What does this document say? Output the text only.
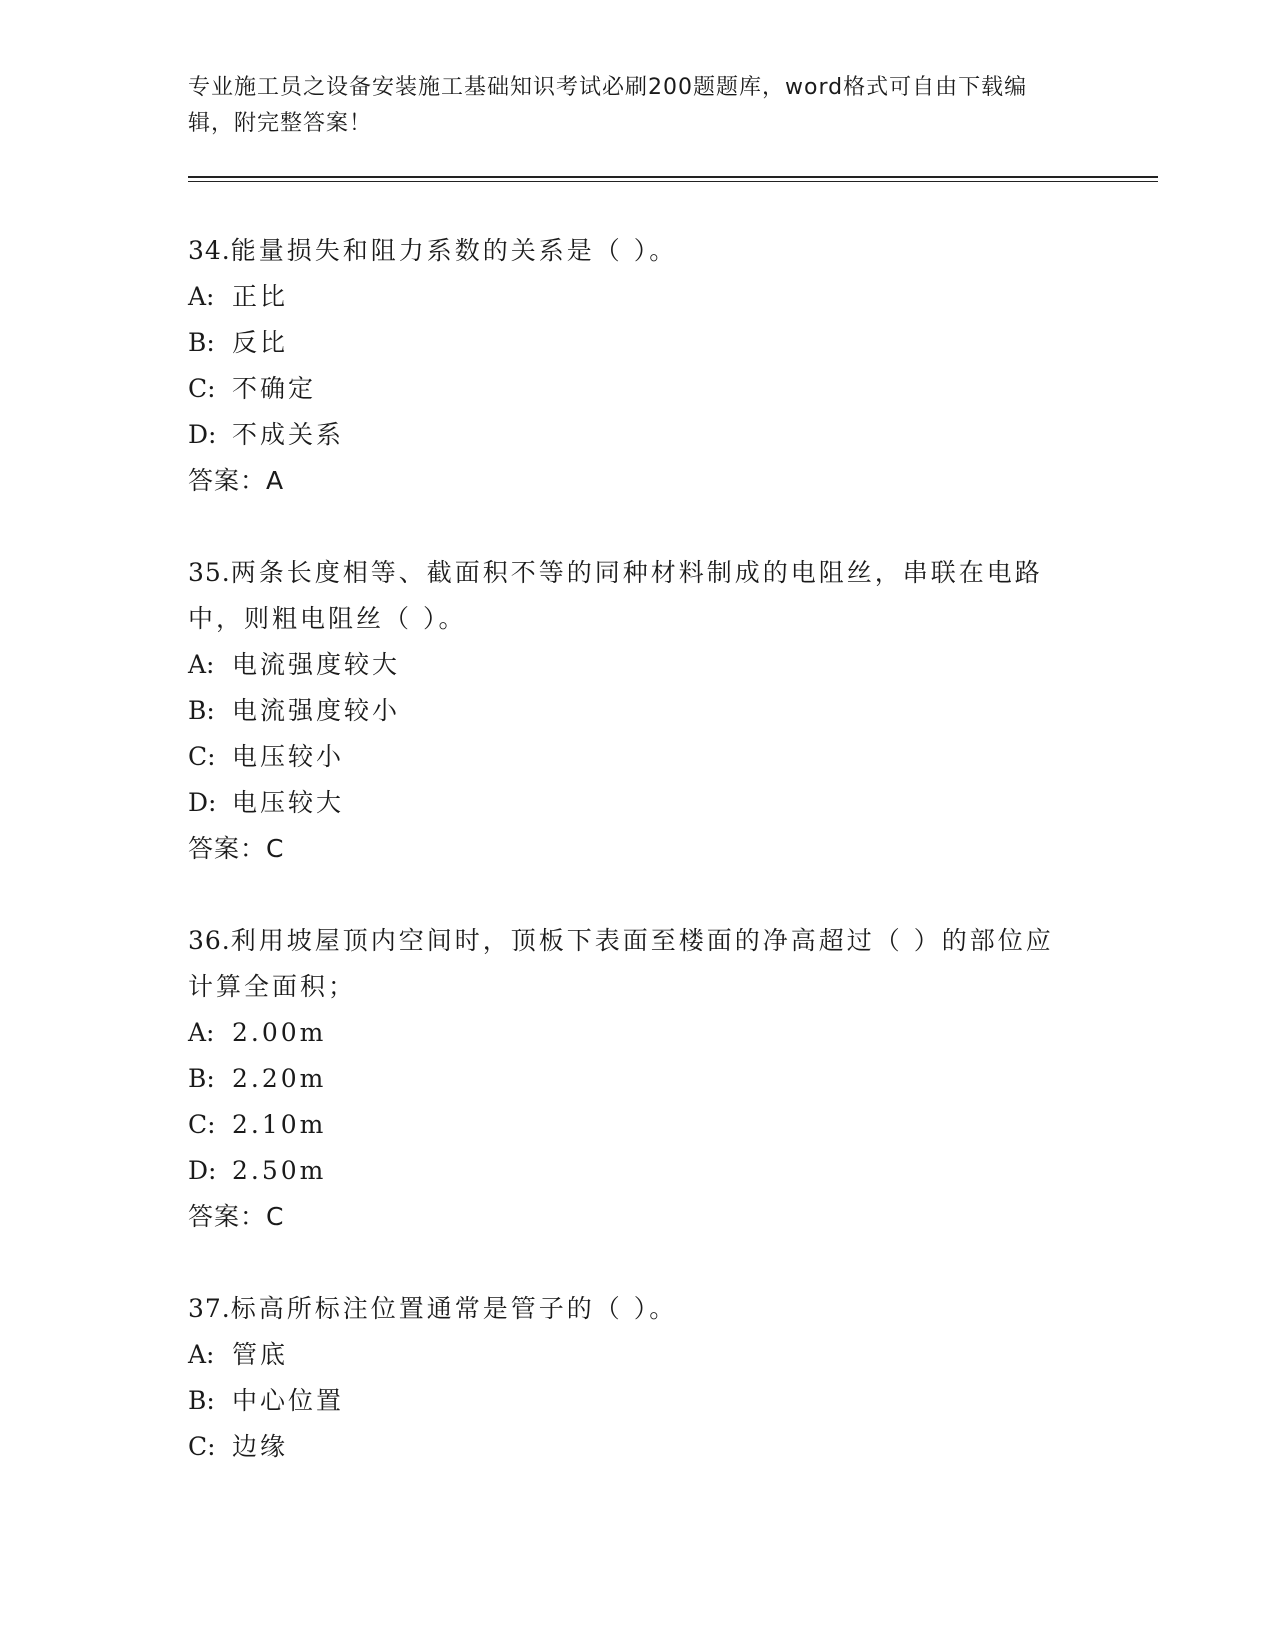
专业施工员之设备安装施工基础知识考试必刷200题题库，word格式可自由下载编辑，附完整答案！

34.能量损失和阻力系数的关系是（ ）。
A: 正比
B: 反比
C: 不确定
D: 不成关系
答案：A
35.两条长度相等、截面积不等的同种材料制成的电阻丝，串联在电路中，则粗电阻丝（ ）。
A: 电流强度较大
B: 电流强度较小
C: 电压较小
D: 电压较大
答案：C
36.利用坡屋顶内空间时，顶板下表面至楼面的净高超过（ ）的部位应计算全面积；
A: 2.00m
B: 2.20m
C: 2.10m
D: 2.50m
答案：C
37.标高所标注位置通常是管子的（ ）。
A: 管底
B: 中心位置
C: 边缘
